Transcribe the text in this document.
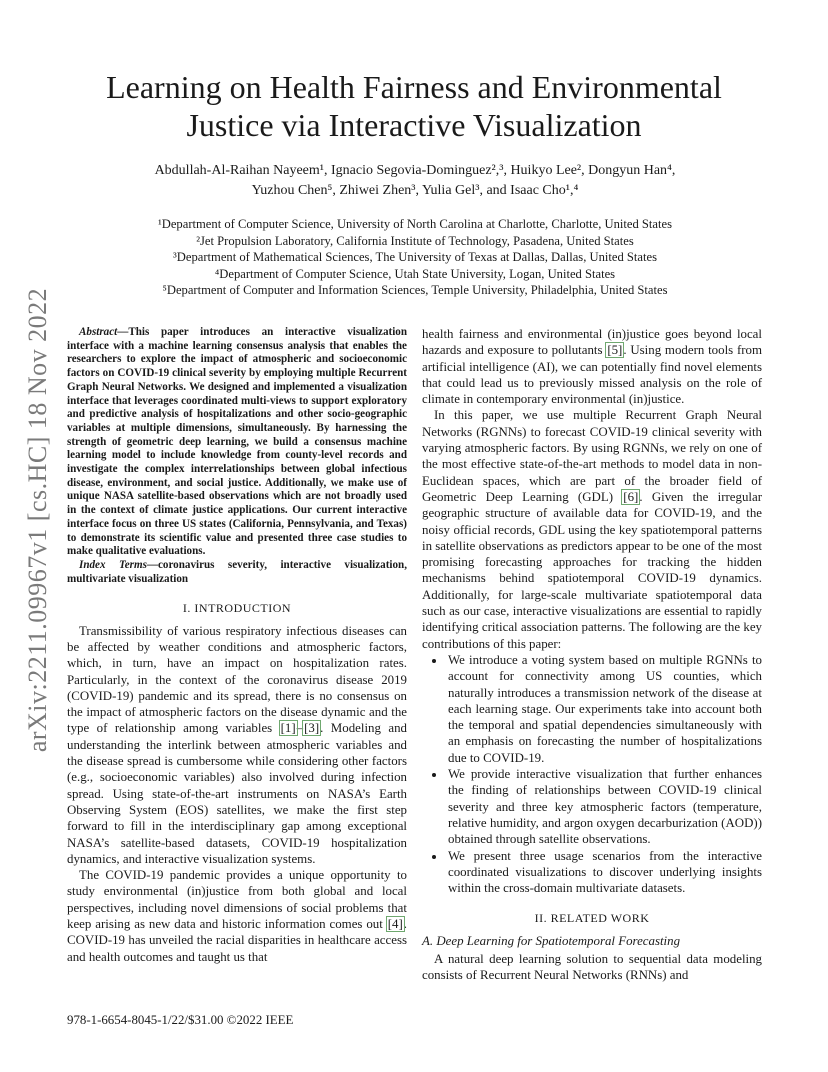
arXiv:2211.09967v1 [cs.HC] 18 Nov 2022
Learning on Health Fairness and Environmental Justice via Interactive Visualization
Abdullah-Al-Raihan Nayeem¹, Ignacio Segovia-Dominguez²,³, Huikyo Lee², Dongyun Han⁴,
Yuzhou Chen⁵, Zhiwei Zhen³, Yulia Gel³, and Isaac Cho¹,⁴
¹Department of Computer Science, University of North Carolina at Charlotte, Charlotte, United States
²Jet Propulsion Laboratory, California Institute of Technology, Pasadena, United States
³Department of Mathematical Sciences, The University of Texas at Dallas, Dallas, United States
⁴Department of Computer Science, Utah State University, Logan, United States
⁵Department of Computer and Information Sciences, Temple University, Philadelphia, United States

Abstract—This paper introduces an interactive visualization interface with a machine learning consensus analysis that enables the researchers to explore the impact of atmospheric and socioeconomic factors on COVID-19 clinical severity by employing multiple Recurrent Graph Neural Networks. We designed and implemented a visualization interface that leverages coordinated multi-views to support exploratory and predictive analysis of hospitalizations and other socio-geographic variables at multiple dimensions, simultaneously. By harnessing the strength of geometric deep learning, we build a consensus machine learning model to include knowledge from county-level records and investigate the complex interrelationships between global infectious disease, environment, and social justice. Additionally, we make use of unique NASA satellite-based observations which are not broadly used in the context of climate justice applications. Our current interactive interface focus on three US states (California, Pennsylvania, and Texas) to demonstrate its scientific value and presented three case studies to make qualitative evaluations.

Index Terms—coronavirus severity, interactive visualization, multivariate visualization

I. INTRODUCTION

Transmissibility of various respiratory infectious diseases can be affected by weather conditions and atmospheric factors, which, in turn, have an impact on hospitalization rates. Particularly, in the context of the coronavirus disease 2019 (COVID-19) pandemic and its spread, there is no consensus on the impact of atmospheric factors on the disease dynamic and the type of relationship among variables [1]–[3]. Modeling and understanding the interlink between atmospheric variables and the disease spread is cumbersome while considering other factors (e.g., socioeconomic variables) also involved during infection spread. Using state-of-the-art instruments on NASA’s Earth Observing System (EOS) satellites, we make the first step forward to fill in the interdisciplinary gap among exceptional NASA’s satellite-based datasets, COVID-19 hospitalization dynamics, and interactive visualization systems.

The COVID-19 pandemic provides a unique opportunity to study environmental (in)justice from both global and local perspectives, including novel dimensions of social problems that keep arising as new data and historic information comes out [4]. COVID-19 has unveiled the racial disparities in healthcare access and health outcomes and taught us that

health fairness and environmental (in)justice goes beyond local hazards and exposure to pollutants [5]. Using modern tools from artificial intelligence (AI), we can potentially find novel elements that could lead us to previously missed analysis on the role of climate in contemporary environmental (in)justice.

In this paper, we use multiple Recurrent Graph Neural Networks (RGNNs) to forecast COVID-19 clinical severity with varying atmospheric factors. By using RGNNs, we rely on one of the most effective state-of-the-art methods to model data in non-Euclidean spaces, which are part of the broader field of Geometric Deep Learning (GDL) [6]. Given the irregular geographic structure of available data for COVID-19, and the noisy official records, GDL using the key spatiotemporal patterns in satellite observations as predictors appear to be one of the most promising forecasting approaches for tracking the hidden mechanisms behind spatiotemporal COVID-19 dynamics. Additionally, for large-scale multivariate spatiotemporal data such as our case, interactive visualizations are essential to rapidly identifying critical association patterns. The following are the key contributions of this paper:

• We introduce a voting system based on multiple RGNNs to account for connectivity among US counties, which naturally introduces a transmission network of the disease at each learning stage. Our experiments take into account both the temporal and spatial dependencies simultaneously with an emphasis on forecasting the number of hospitalizations due to COVID-19.
• We provide interactive visualization that further enhances the finding of relationships between COVID-19 clinical severity and three key atmospheric factors (temperature, relative humidity, and argon oxygen decarburization (AOD)) obtained through satellite observations.
• We present three usage scenarios from the interactive coordinated visualizations to discover underlying insights within the cross-domain multivariate datasets.
II. RELATED WORK
A. Deep Learning for Spatiotemporal Forecasting

A natural deep learning solution to sequential data modeling consists of Recurrent Neural Networks (RNNs) and

978-1-6654-8045-1/22/$31.00 ©2022 IEEE
